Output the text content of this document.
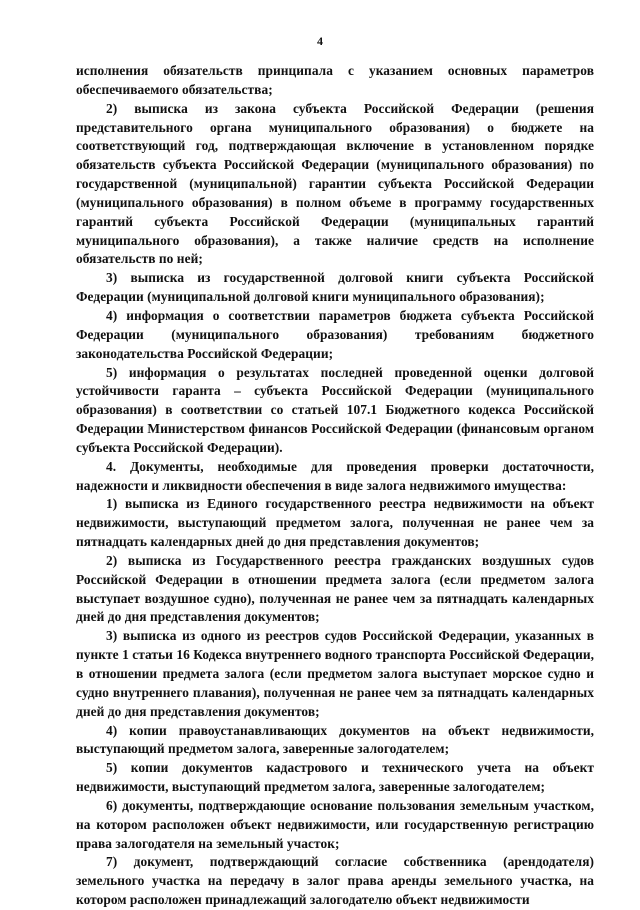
4

исполнения обязательств принципала с указанием основных параметров обеспечиваемого обязательства;

2) выписка из закона субъекта Российской Федерации (решения представительного органа муниципального образования) о бюджете на соответствующий год, подтверждающая включение в установленном порядке обязательств субъекта Российской Федерации (муниципального образования) по государственной (муниципальной) гарантии субъекта Российской Федерации (муниципального образования) в полном объеме в программу государственных гарантий субъекта Российской Федерации (муниципальных гарантий муниципального образования), а также наличие средств на исполнение обязательств по ней;

3) выписка из государственной долговой книги субъекта Российской Федерации (муниципальной долговой книги муниципального образования);

4) информация о соответствии параметров бюджета субъекта Российской Федерации (муниципального образования) требованиям бюджетного законодательства Российской Федерации;

5) информация о результатах последней проведенной оценки долговой устойчивости гаранта – субъекта Российской Федерации (муниципального образования) в соответствии со статьей 107.1 Бюджетного кодекса Российской Федерации Министерством финансов Российской Федерации (финансовым органом субъекта Российской Федерации).

4. Документы, необходимые для проведения проверки достаточности, надежности и ликвидности обеспечения в виде залога недвижимого имущества:

1) выписка из Единого государственного реестра недвижимости на объект недвижимости, выступающий предметом залога, полученная не ранее чем за пятнадцать календарных дней до дня представления документов;

2) выписка из Государственного реестра гражданских воздушных судов Российской Федерации в отношении предмета залога (если предметом залога выступает воздушное судно), полученная не ранее чем за пятнадцать календарных дней до дня представления документов;

3) выписка из одного из реестров судов Российской Федерации, указанных в пункте 1 статьи 16 Кодекса внутреннего водного транспорта Российской Федерации, в отношении предмета залога (если предметом залога выступает морское судно и судно внутреннего плавания), полученная не ранее чем за пятнадцать календарных дней до дня представления документов;

4) копии правоустанавливающих документов на объект недвижимости, выступающий предметом залога, заверенные залогодателем;

5) копии документов кадастрового и технического учета на объект недвижимости, выступающий предметом залога, заверенные залогодателем;

6) документы, подтверждающие основание пользования земельным участком, на котором расположен объект недвижимости, или государственную регистрацию права залогодателя на земельный участок;

7) документ, подтверждающий согласие собственника (арендодателя) земельного участка на передачу в залог права аренды земельного участка, на котором расположен принадлежащий залогодателю объект недвижимости
